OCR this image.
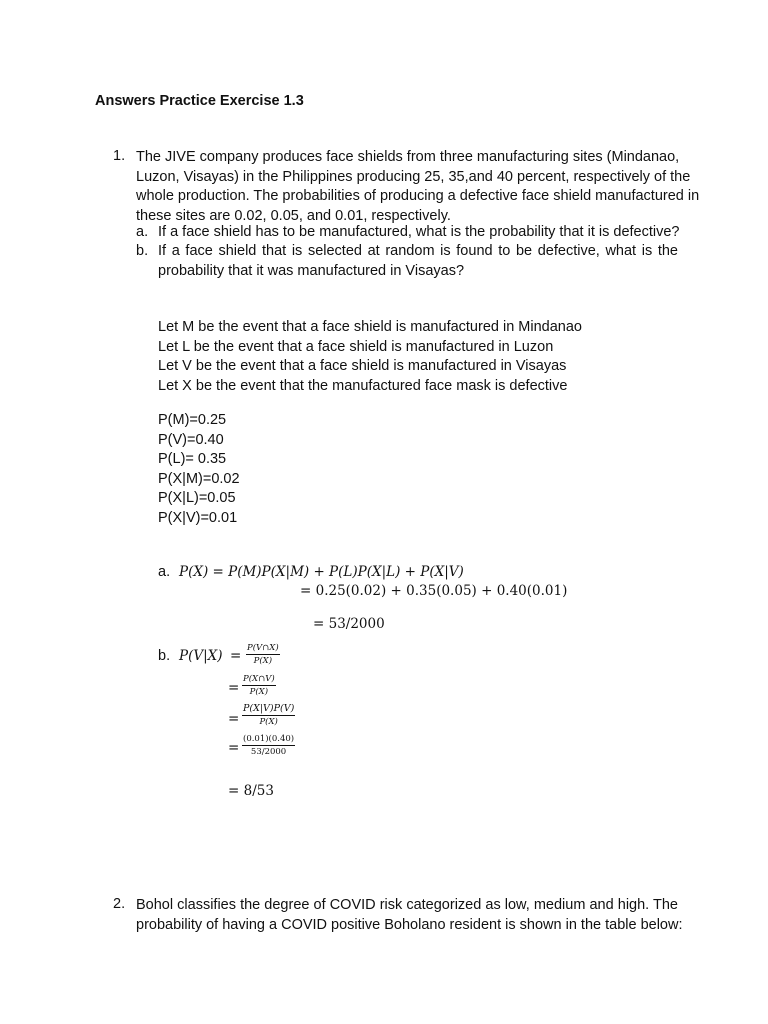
Answers Practice Exercise 1.3
1. The JIVE company produces face shields from three manufacturing sites (Mindanao,
Luzon, Visayas) in the Philippines producing 25, 35,and 40 percent, respectively of the
whole production. The probabilities of producing a defective face shield manufactured in
these sites are 0.02, 0.05, and 0.01, respectively.
a. If a face shield has to be manufactured, what is the probability that it is defective?
b. If a face shield that is selected at random is found to be defective, what is the
probability that it was manufactured in Visayas?
Let M be the event that a face shield is manufactured in Mindanao
Let L be the event that a face shield is manufactured in Luzon
Let V be the event that a face shield is manufactured in Visayas
Let X be the event that the manufactured face mask is defective
P(M)=0.25
P(V)=0.40
P(L)= 0.35
P(X|M)=0.02
P(X|L)=0.05
P(X|V)=0.01
a. P(X) = P(M)P(X|M) + P(L)P(X|L) + P(X|V)
= 0.25(0.02) + 0.35(0.05) + 0.40(0.01)
= 53/2000
b. P(V|X) = P(V∩X)
P(X)
=
P(X∩V)
P(X)
=
P(X|V)P(V)
P(X)
=
(0.01)(0.40)
53/2000
= 8/53
2. Bohol classifies the degree of COVID risk categorized as low, medium and high. The
probability of having a COVID positive Boholano resident is shown in the table below:
